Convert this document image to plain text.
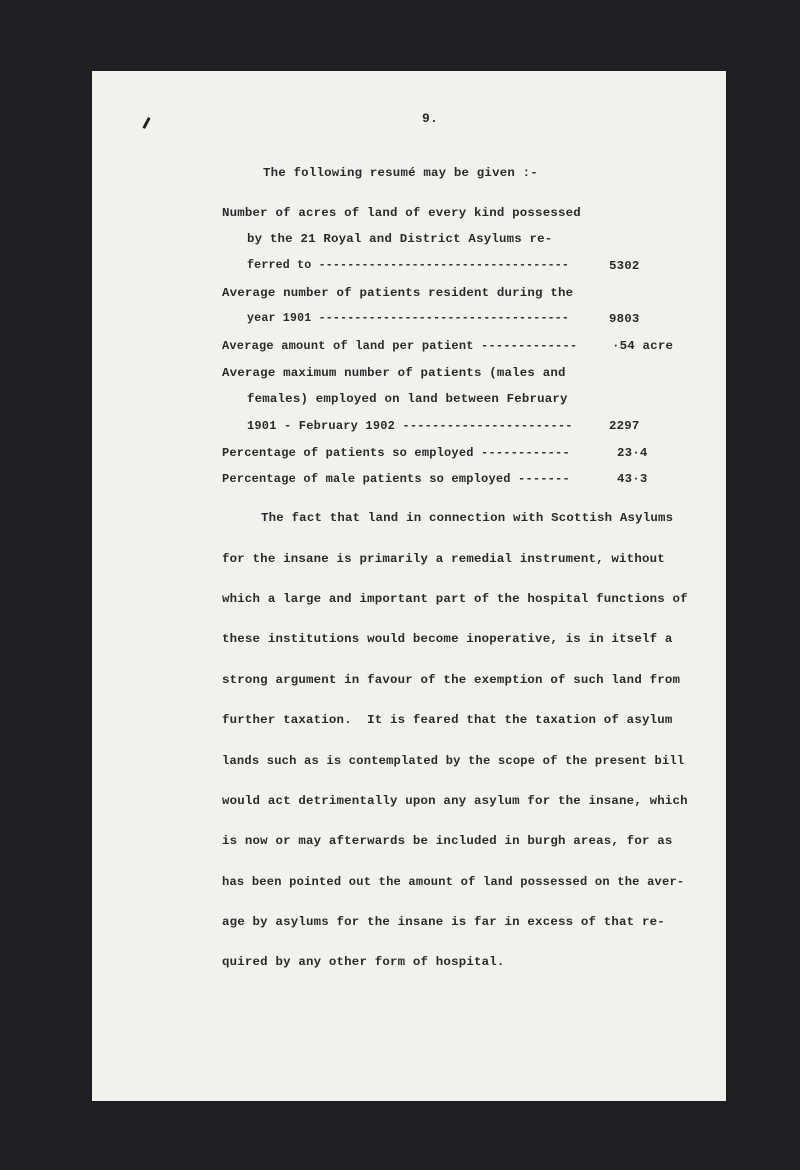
9.
The following resumé may be given :-
Number of acres of land of every kind possessed
by the 21 Royal and District Asylums re-
ferred to -----------------------------------	5302
Average number of patients resident during the
year 1901 -----------------------------------	9803
Average amount of land per patient -------------	·54 acre
Average maximum number of patients (males and
females) employed on land between February
1901 - February 1902 -----------------------	2297
Percentage of patients so employed ------------	23·4
Percentage of male patients so employed -------	43·3
The fact that land in connection with Scottish Asylums
for the insane is primarily a remedial instrument, without
which a large and important part of the hospital functions of
these institutions would become inoperative, is in itself a
strong argument in favour of the exemption of such land from
further taxation.  It is feared that the taxation of asylum
lands such as is contemplated by the scope of the present bill
would act detrimentally upon any asylum for the insane, which
is now or may afterwards be included in burgh areas, for as
has been pointed out the amount of land possessed on the aver-
age by asylums for the insane is far in excess of that re-
quired by any other form of hospital.
